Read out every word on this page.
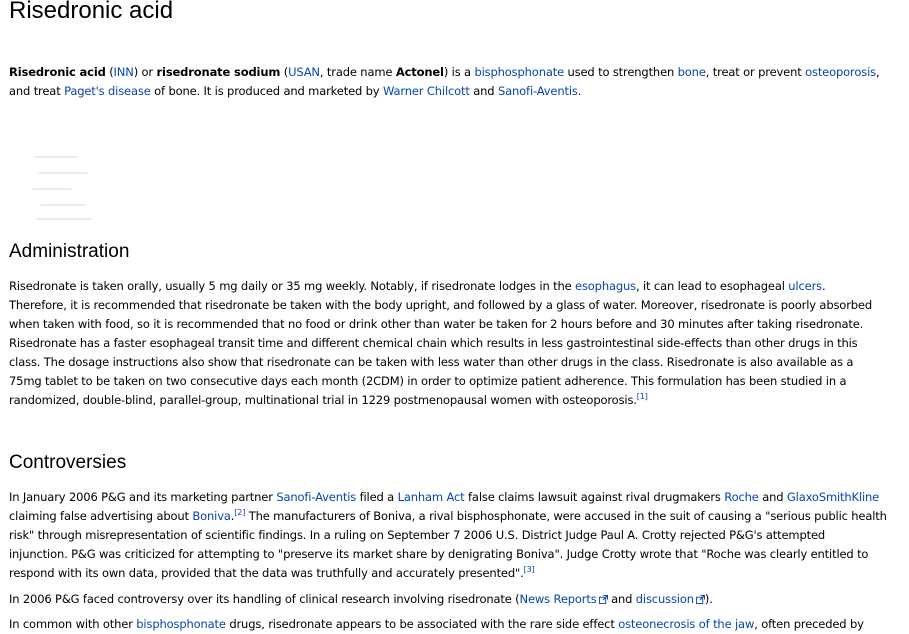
Risedronic acid
Risedronic acid (INN) or risedronate sodium (USAN, trade name Actonel) is a bisphosphonate used to strengthen bone, treat or prevent osteoporosis,
and treat Paget's disease of bone. It is produced and marketed by Warner Chilcott and Sanofi-Aventis.
Administration
Risedronate is taken orally, usually 5 mg daily or 35 mg weekly. Notably, if risedronate lodges in the esophagus, it can lead to esophageal ulcers.
Therefore, it is recommended that risedronate be taken with the body upright, and followed by a glass of water. Moreover, risedronate is poorly absorbed
when taken with food, so it is recommended that no food or drink other than water be taken for 2 hours before and 30 minutes after taking risedronate.
Risedronate has a faster esophageal transit time and different chemical chain which results in less gastrointestinal side-effects than other drugs in this
class. The dosage instructions also show that risedronate can be taken with less water than other drugs in the class. Risedronate is also available as a
75mg tablet to be taken on two consecutive days each month (2CDM) in order to optimize patient adherence. This formulation has been studied in a
randomized, double-blind, parallel-group, multinational trial in 1229 postmenopausal women with osteoporosis.[1]
Controversies
In January 2006 P&G and its marketing partner Sanofi-Aventis filed a Lanham Act false claims lawsuit against rival drugmakers Roche and GlaxoSmithKline
claiming false advertising about Boniva.[2] The manufacturers of Boniva, a rival bisphosphonate, were accused in the suit of causing a "serious public health
risk" through misrepresentation of scientific findings. In a ruling on September 7 2006 U.S. District Judge Paul A. Crotty rejected P&G's attempted
injunction. P&G was criticized for attempting to "preserve its market share by denigrating Boniva". Judge Crotty wrote that "Roche was clearly entitled to
respond with its own data, provided that the data was truthfully and accurately presented".[3]
In 2006 P&G faced controversy over its handling of clinical research involving risedronate (News Reports and discussion ).
In common with other bisphosphonate drugs, risedronate appears to be associated with the rare side effect osteonecrosis of the jaw, often preceded by
